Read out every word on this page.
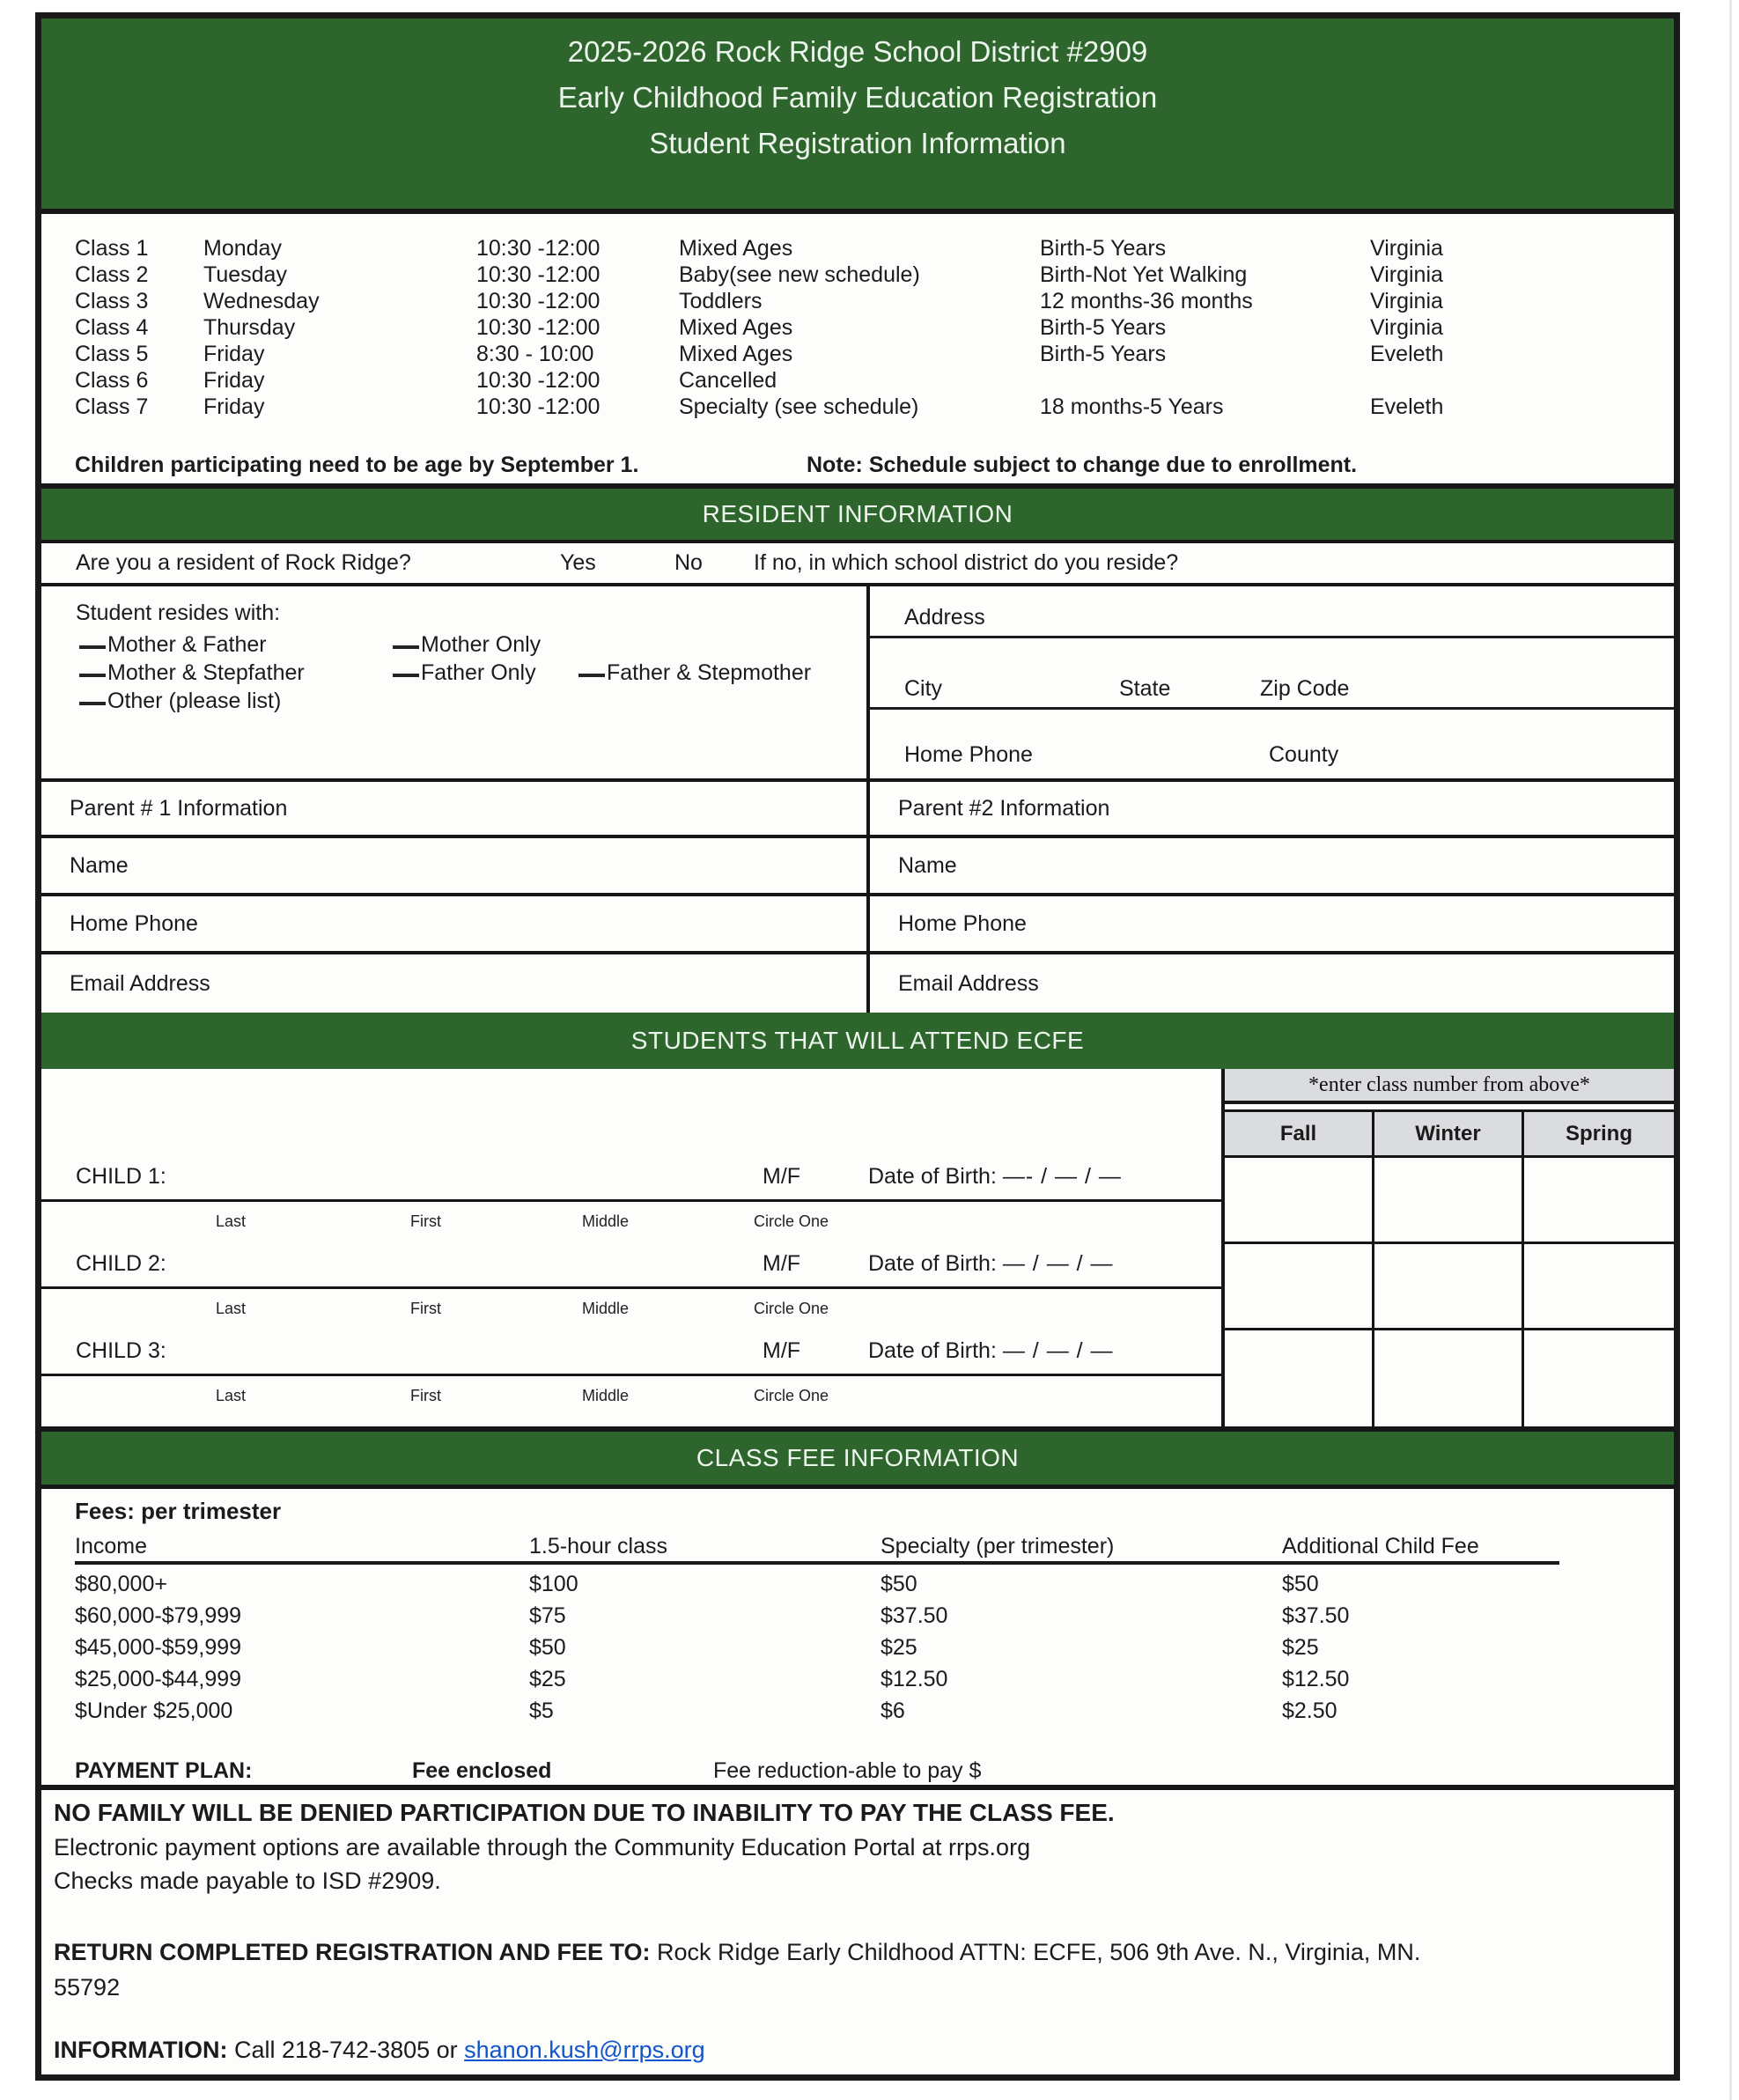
2025-2026 Rock Ridge School District #2909
Early Childhood Family Education Registration
Student Registration Information
Class 1	Monday	10:30 -12:00	Mixed Ages	Birth-5 Years	Virginia
Class 2	Tuesday	10:30 -12:00	Baby(see new schedule)	Birth-Not Yet Walking	Virginia
Class 3	Wednesday	10:30 -12:00	Toddlers	12 months-36 months	Virginia
Class 4	Thursday	10:30 -12:00	Mixed Ages	Birth-5 Years	Virginia
Class 5	Friday	8:30 - 10:00	Mixed Ages	Birth-5 Years	Eveleth
Class 6	Friday	10:30 -12:00	Cancelled
Class 7	Friday	10:30 -12:00	Specialty (see schedule)	18 months-5 Years	Eveleth
Children participating need to be age by September 1.	Note: Schedule subject to change due to enrollment.
RESIDENT INFORMATION
Are you a resident of Rock Ridge?	Yes	No	If no, in which school district do you reside?
Student resides with:
Mother & Father	Mother Only
Mother & Stepfather	Father Only	Father & Stepmother
Other (please list)
Address
City	State	Zip Code
Home Phone	County
Parent # 1 Information	Parent #2 Information
Name	Name
Home Phone	Home Phone
Email Address	Email Address
STUDENTS THAT WILL ATTEND ECFE
CHILD 1:	M/F	Date of Birth: —- / — / —
Last	First	Middle	Circle One
CHILD 2:	M/F	Date of Birth: — / — / —
Last	First	Middle	Circle One
CHILD 3:	M/F	Date of Birth: — / — / —
Last	First	Middle	Circle One
*enter class number from above*
Fall	Winter	Spring
CLASS FEE INFORMATION
Fees: per trimester
Income	1.5-hour class	Specialty (per trimester)	Additional Child Fee
$80,000+	$100	$50	$50
$60,000-$79,999	$75	$37.50	$37.50
$45,000-$59,999	$50	$25	$25
$25,000-$44,999	$25	$12.50	$12.50
$Under $25,000	$5	$6	$2.50
PAYMENT PLAN:	Fee enclosed	Fee reduction-able to pay $
NO FAMILY WILL BE DENIED PARTICIPATION DUE TO INABILITY TO PAY THE CLASS FEE.
Electronic payment options are available through the Community Education Portal at rrps.org
Checks made payable to ISD #2909.
RETURN COMPLETED REGISTRATION AND FEE TO: Rock Ridge Early Childhood ATTN: ECFE, 506 9th Ave. N., Virginia, MN. 55792
INFORMATION: Call 218-742-3805 or shanon.kush@rrps.org
